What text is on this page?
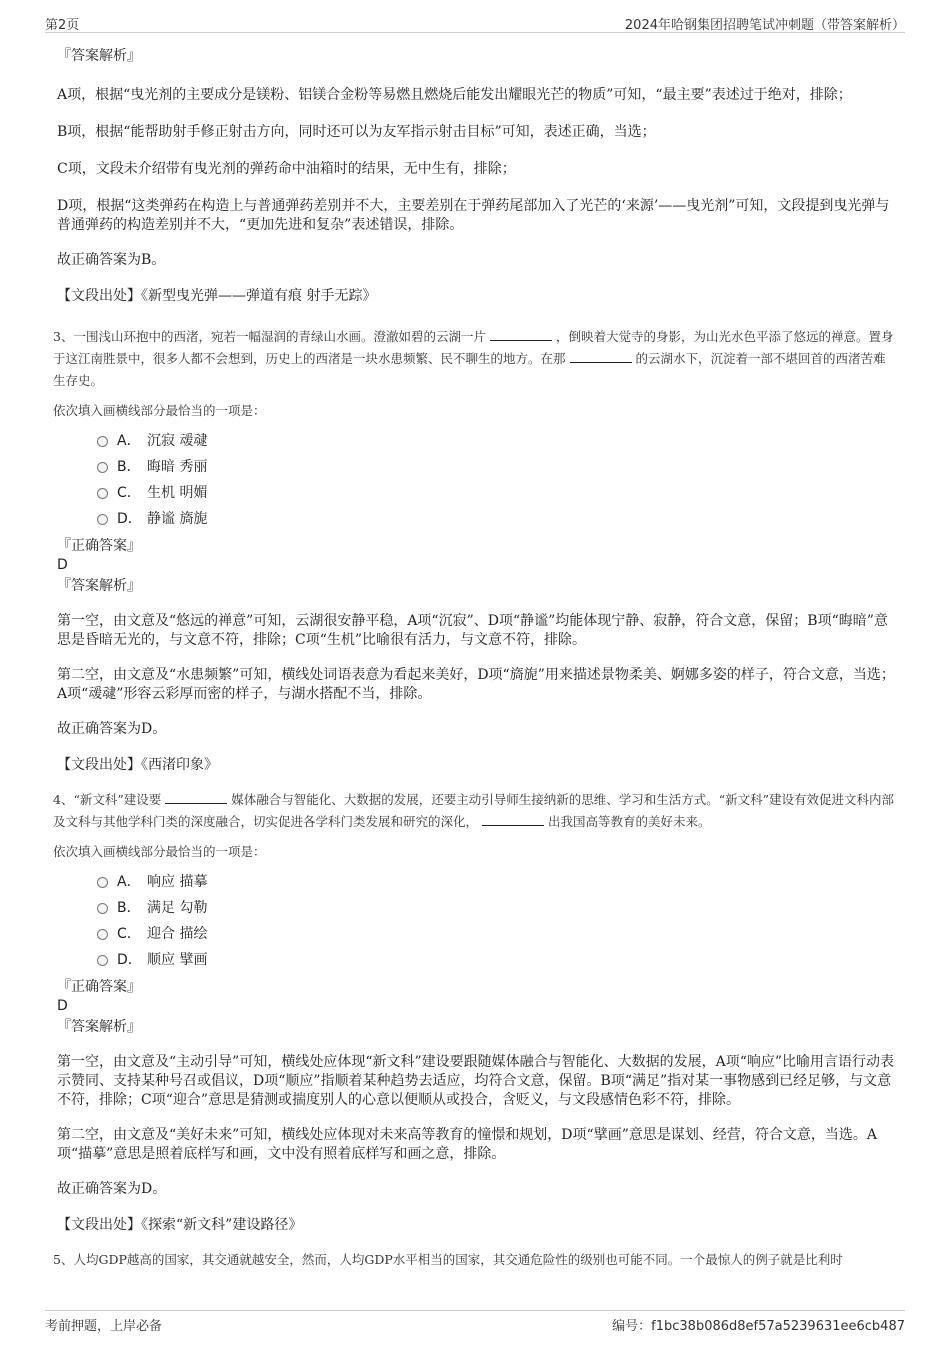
第2页	2024年哈钢集团招聘笔试冲刺题（带答案解析）

『答案解析』

A项，根据“曳光剂的主要成分是镁粉、铝镁合金粉等易燃且燃烧后能发出耀眼光芒的物质”可知，“最主要”表述过于绝对，排除；

B项，根据“能帮助射手修正射击方向，同时还可以为友军指示射击目标”可知，表述正确，当选；

C项，文段未介绍带有曳光剂的弹药命中油箱时的结果，无中生有，排除；

D项，根据“这类弹药在构造上与普通弹药差别并不大，主要差别在于弹药尾部加入了光芒的‘来源’——曳光剂”可知，文段提到曳光弹与普通弹药的构造差别并不大，“更加先进和复杂”表述错误，排除。

故正确答案为B。

【文段出处】《新型曳光弹——弹道有痕 射手无踪》

3、一围浅山环抱中的西渚，宛若一幅湿润的青绿山水画。澄澈如碧的云湖一片	，倒映着大觉寺的身影，为山光水色平添了悠远的禅意。置身于这江南胜景中，很多人都不会想到，历史上的西渚是一块水患频繁、民不聊生的地方。在那	的云湖水下，沉淀着一部不堪回首的西渚苦难生存史。

依次填入画横线部分最恰当的一项是：

A． 沉寂 叆叇
B． 晦暗 秀丽
C． 生机 明媚
D． 静谧 旖旎

『正确答案』

D

『答案解析』

第一空，由文意及“悠远的禅意”可知，云湖很安静平稳，A项“沉寂”、D项“静谧”均能体现宁静、寂静，符合文意，保留；B项“晦暗”意思是昏暗无光的，与文意不符，排除；C项“生机”比喻很有活力，与文意不符，排除。

第二空，由文意及“水患频繁”可知，横线处词语表意为看起来美好，D项“旖旎”用来描述景物柔美、婀娜多姿的样子，符合文意，当选；A项“叆叇”形容云彩厚而密的样子，与湖水搭配不当，排除。

故正确答案为D。

【文段出处】《西渚印象》

4、“新文科”建设要	媒体融合与智能化、大数据的发展，还要主动引导师生接纳新的思维、学习和生活方式。“新文科”建设有效促进文科内部及文科与其他学科门类的深度融合，切实促进各学科门类发展和研究的深化，	出我国高等教育的美好未来。

依次填入画横线部分最恰当的一项是：

A． 响应 描摹
B． 满足 勾勒
C． 迎合 描绘
D． 顺应 擘画

『正确答案』

D

『答案解析』

第一空，由文意及“主动引导”可知，横线处应体现“新文科”建设要跟随媒体融合与智能化、大数据的发展，A项“响应”比喻用言语行动表示赞同、支持某种号召或倡议，D项“顺应”指顺着某种趋势去适应，均符合文意，保留。B项“满足”指对某一事物感到已经足够，与文意不符，排除；C项“迎合”意思是猜测或揣度别人的心意以便顺从或投合，含贬义，与文段感情色彩不符，排除。

第二空，由文意及“美好未来”可知，横线处应体现对未来高等教育的憧憬和规划，D项“擘画”意思是谋划、经营，符合文意，当选。A项“描摹”意思是照着底样写和画，文中没有照着底样写和画之意，排除。

故正确答案为D。

【文段出处】《探索“新文科”建设路径》

5、人均GDP越高的国家，其交通就越安全，然而，人均GDP水平相当的国家，其交通危险性的级别也可能不同。一个最惊人的例子就是比利时

考前押题，上岸必备	编号：f1bc38b086d8ef57a5239631ee6cb487
